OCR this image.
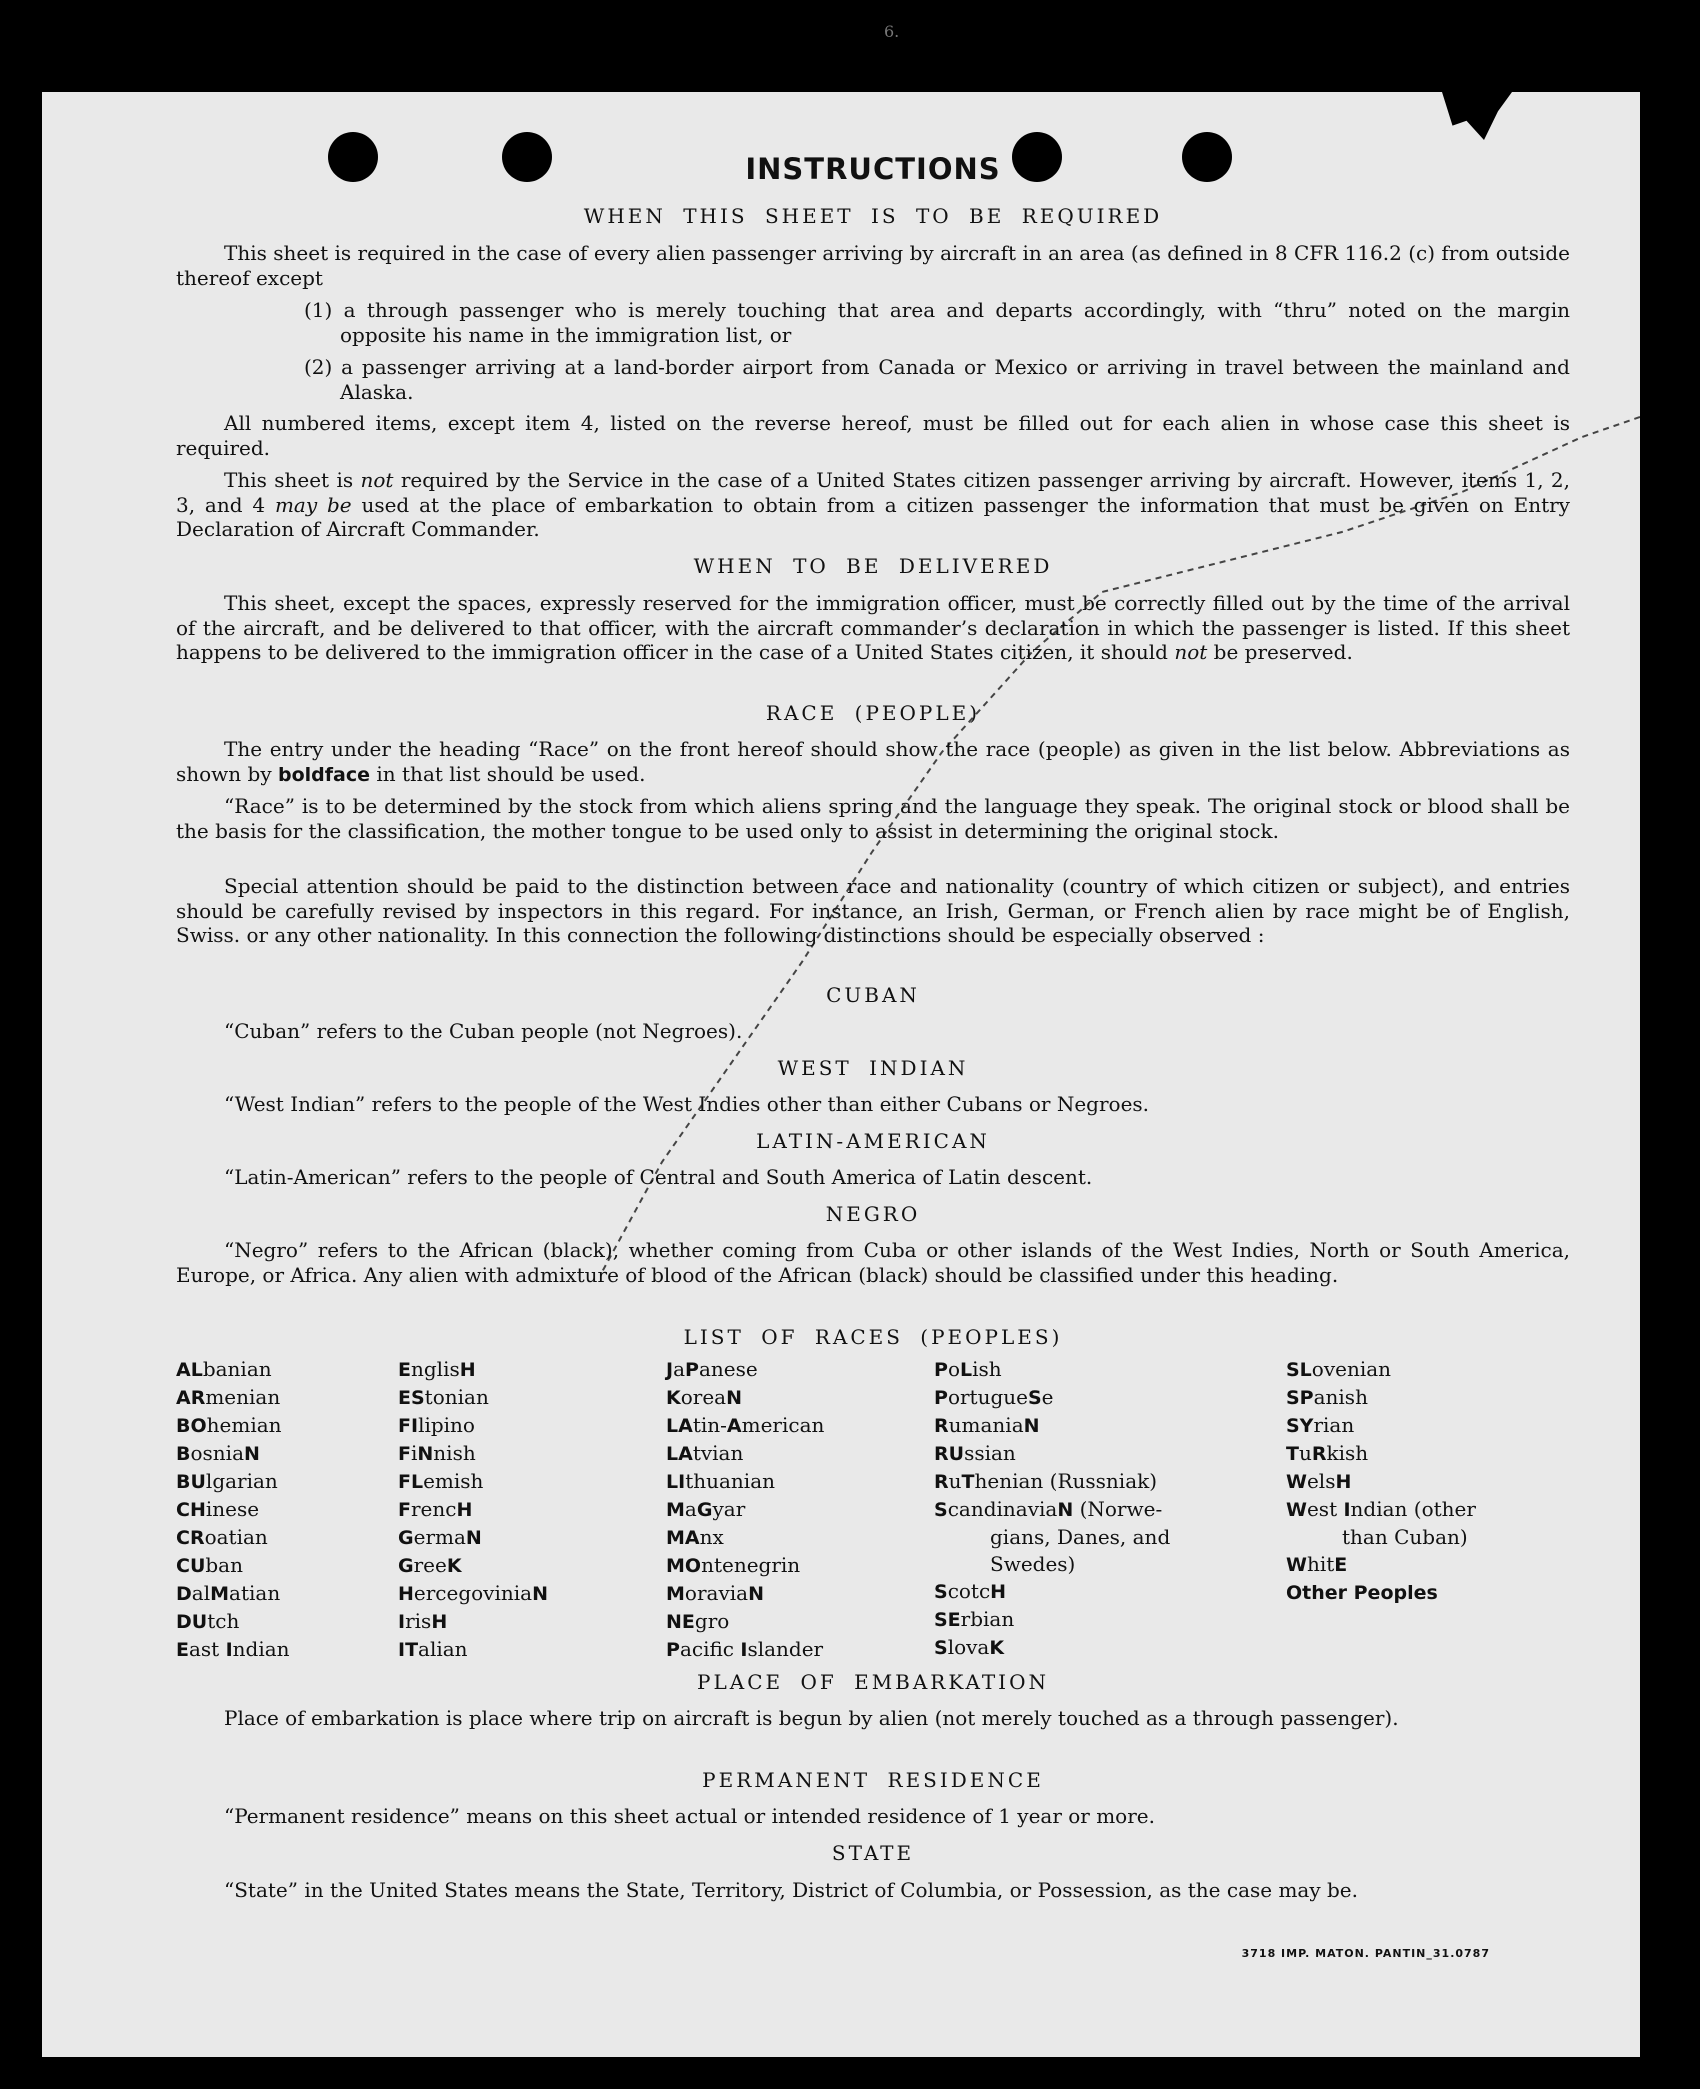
6.
INSTRUCTIONS
WHEN THIS SHEET IS TO BE REQUIRED

This sheet is required in the case of every alien passenger arriving by aircraft in an area (as defined in 8 CFR 116.2 (c) from outside thereof except

(1) a through passenger who is merely touching that area and departs accordingly, with “thru” noted on the margin opposite his name in the immigration list, or

(2) a passenger arriving at a land-border airport from Canada or Mexico or arriving in travel between the mainland and Alaska.

All numbered items, except item 4, listed on the reverse hereof, must be filled out for each alien in whose case this sheet is required.

This sheet is not required by the Service in the case of a United States citizen passenger arriving by aircraft. However, items 1, 2, 3, and 4 may be used at the place of embarkation to obtain from a citizen passenger the information that must be given on Entry Declaration of Aircraft Commander.

WHEN TO BE DELIVERED

This sheet, except the spaces, expressly reserved for the immigration officer, must be correctly filled out by the time of the arrival of the aircraft, and be delivered to that officer, with the aircraft commander’s declaration in which the passenger is listed. If this sheet happens to be delivered to the immigration officer in the case of a United States citizen, it should not be preserved.

RACE (PEOPLE)

The entry under the heading “Race” on the front hereof should show the race (people) as given in the list below. Abbreviations as shown by boldface in that list should be used.

“Race” is to be determined by the stock from which aliens spring and the language they speak. The original stock or blood shall be the basis for the classification, the mother tongue to be used only to assist in determining the original stock.

Special attention should be paid to the distinction between race and nationality (country of which citizen or subject), and entries should be carefully revised by inspectors in this regard. For instance, an Irish, German, or French alien by race might be of English, Swiss. or any other nationality. In this connection the following distinctions should be especially observed :

CUBAN

“Cuban” refers to the Cuban people (not Negroes).

WEST INDIAN

“West Indian” refers to the people of the West Indies other than either Cubans or Negroes.

LATIN-AMERICAN

“Latin-American” refers to the people of Central and South America of Latin descent.

NEGRO

“Negro” refers to the African (black), whether coming from Cuba or other islands of the West Indies, North or South America, Europe, or Africa. Any alien with admixture of blood of the African (black) should be classified under this heading.

LIST OF RACES (PEOPLES)
ALbanian
ARmenian
BOhemian
BosniaN
BUlgarian
CHinese
CRoatian
CUban
DalMatian
DUtch
East Indian
EnglisH
EStonian
FIlipino
FiNnish
FLemish
FrencH
GermaN
GreeK
HercegoviniaN
IrisH
ITalian
JaPanese
KoreaN
LAtin-American
LAtvian
LIthuanian
MaGyar
MAnx
MOntenegrin
MoraviaN
NEgro
Pacific Islander
PoLish
PortugueSe
RumaniaN
RUssian
RuThenian (Russniak)
ScandinaviaN (Norwe-
gians, Danes, and
Swedes)
ScotcH
SErbian
SlovaK
SLovenian
SPanish
SYrian
TuRkish
WelsH
West Indian (other
than Cuban)
WhitE
Other Peoples
PLACE OF EMBARKATION

Place of embarkation is place where trip on aircraft is begun by alien (not merely touched as a through passenger).

PERMANENT RESIDENCE

“Permanent residence” means on this sheet actual or intended residence of 1 year or more.

STATE

“State” in the United States means the State, Territory, District of Columbia, or Possession, as the case may be.

3718 IMP. MATON. PANTIN_31.0787
